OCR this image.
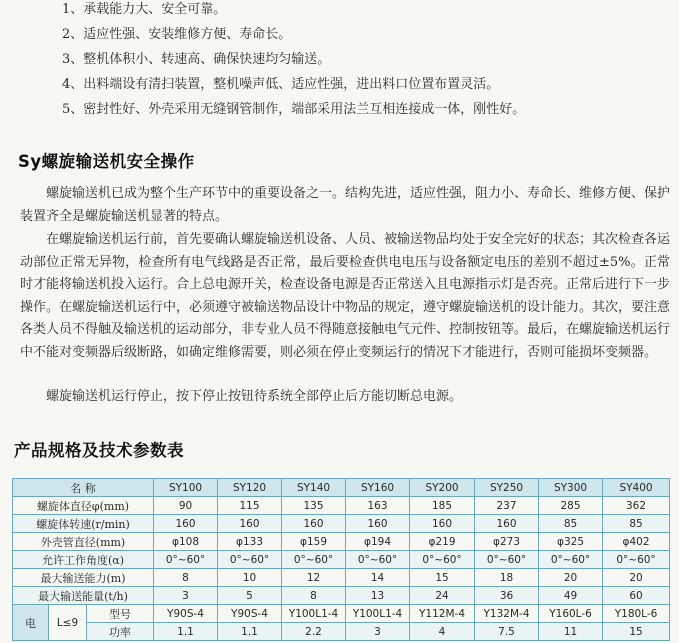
1、承载能力大、安全可靠。
2、适应性强、安装维修方便、寿命长。
3、整机体积小、转速高、确保快速均匀输送。
4、出料端设有清扫装置，整机噪声低、适应性强，进出料口位置布置灵活。
5、密封性好、外壳采用无缝钢管制作，端部采用法兰互相连接成一体，刚性好。
Sy螺旋输送机安全操作
螺旋输送机已成为整个生产环节中的重要设备之一。结构先进，适应性强，阻力小、寿命长、维修方便、保护装置齐全是螺旋输送机显著的特点。
在螺旋输送机运行前，首先要确认螺旋输送机设备、人员、被输送物品均处于安全完好的状态；其次检查各运动部位正常无异物，检查所有电气线路是否正常，最后要检查供电电压与设备额定电压的差别不超过±5%。正常时才能将输送机投入运行。合上总电源开关，检查设备电源是否正常送入且电源指示灯是否亮。正常后进行下一步操作。在螺旋输送机运行中，必须遵守被输送物品设计中物品的规定，遵守螺旋输送机的设计能力。其次，要注意各类人员不得触及输送机的运动部分，非专业人员不得随意接触电气元件、控制按钮等。最后，在螺旋输送机运行中不能对变频器后级断路，如确定维修需要，则必须在停止变频运行的情况下才能进行，否则可能损坏变频器。
螺旋输送机运行停止，按下停止按钮待系统全部停止后方能切断总电源。
产品规格及技术参数表
名 称			SY100	SY120	SY140	SY160	SY200	SY250	SY300	SY400
螺旋体直径φ(mm)			90	115	135	163	185	237	285	362
螺旋体转速(r/min)			160	160	160	160	160	160	85	85
外壳管直径(mm)			φ108	φ133	φ159	φ194	φ219	φ273	φ325	φ402
允许工作角度(α)			0°~60°	0°~60°	0°~60°	0°~60°	0°~60°	0°~60°	0°~60°	0°~60°
最大输送能力(m)			8	10	12	14	15	18	20	20
最大输送能量(t/h)			3	5	8	13	24	36	49	60
电	L≤9	型号	Y90S-4	Y90S-4	Y100L1-4	Y100L1-4	Y112M-4	Y132M-4	Y160L-6	Y180L-6
		功率	1.1	1.1	2.2	3	4	7.5	11	15
